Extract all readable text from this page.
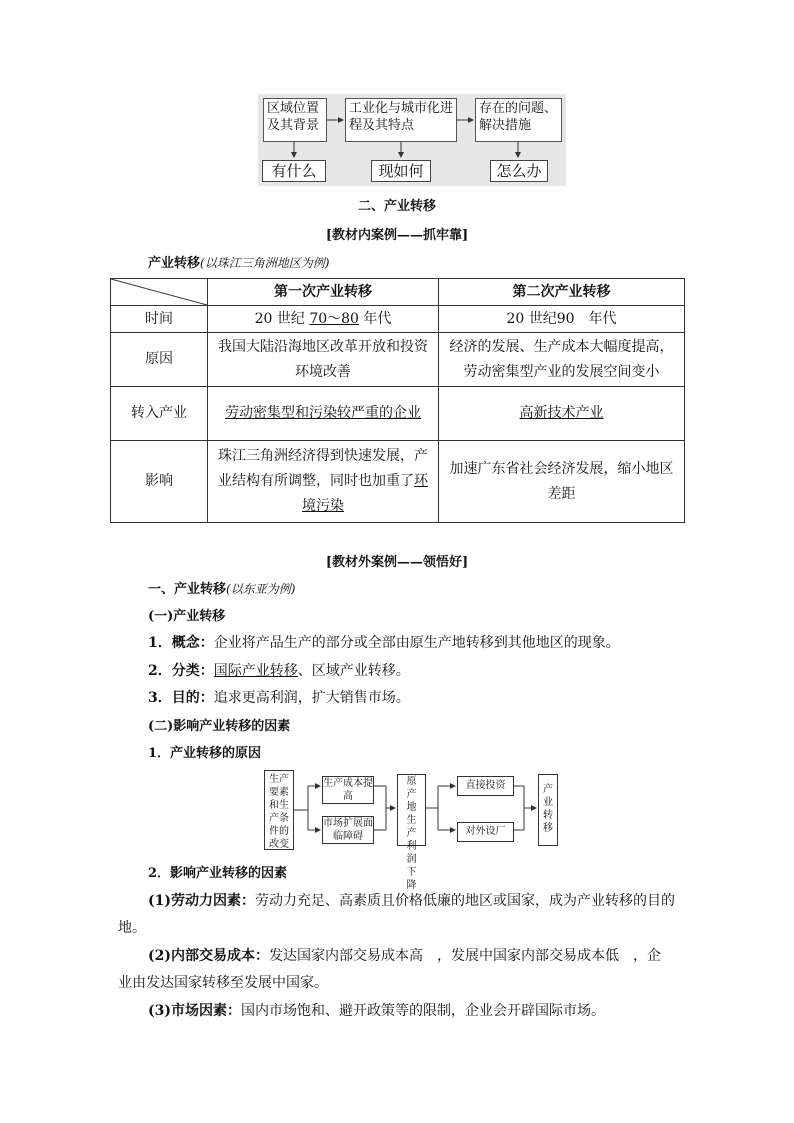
区域位置及其背景
工业化与城市化进程及其特点
存在的问题、解决措施
有什么	现如何	怎么办
二、产业转移
[教材内案例——抓牢靠]
产业转移(以珠江三角洲地区为例)
	第一次产业转移	第二次产业转移
时间	20 世纪 70～80 年代	20 世纪90　年代
原因	我国大陆沿海地区改革开放和投资环境改善	经济的发展、生产成本大幅度提高，劳动密集型产业的发展空间变小
转入产业	劳动密集型和污染较严重的企业	高新技术产业
影响	珠江三角洲经济得到快速发展，产业结构有所调整，同时也加重了环境污染	加速广东省社会经济发展，缩小地区差距
[教材外案例——领悟好]
一、产业转移(以东亚为例)
(一)产业转移
1．概念：企业将产品生产的部分或全部由原生产地转移到其他地区的现象。
2．分类：国际产业转移、区域产业转移。
3．目的：追求更高利润，扩大销售市场。
(二)影响产业转移的因素
1．产业转移的原因
生产要素和生产条件的改变
生产成本提高
市场扩展面临障碍
原产地生产利润下降
直接投资
对外设厂
产业转移
2．影响产业转移的因素
(1)劳动力因素：劳动力充足、高素质且价格低廉的地区或国家，成为产业转移的目的
地。
(2)内部交易成本：发达国家内部交易成本高　，发展中国家内部交易成本低　，企
业由发达国家转移至发展中国家。
(3)市场因素：国内市场饱和、避开政策等的限制，企业会开辟国际市场。
